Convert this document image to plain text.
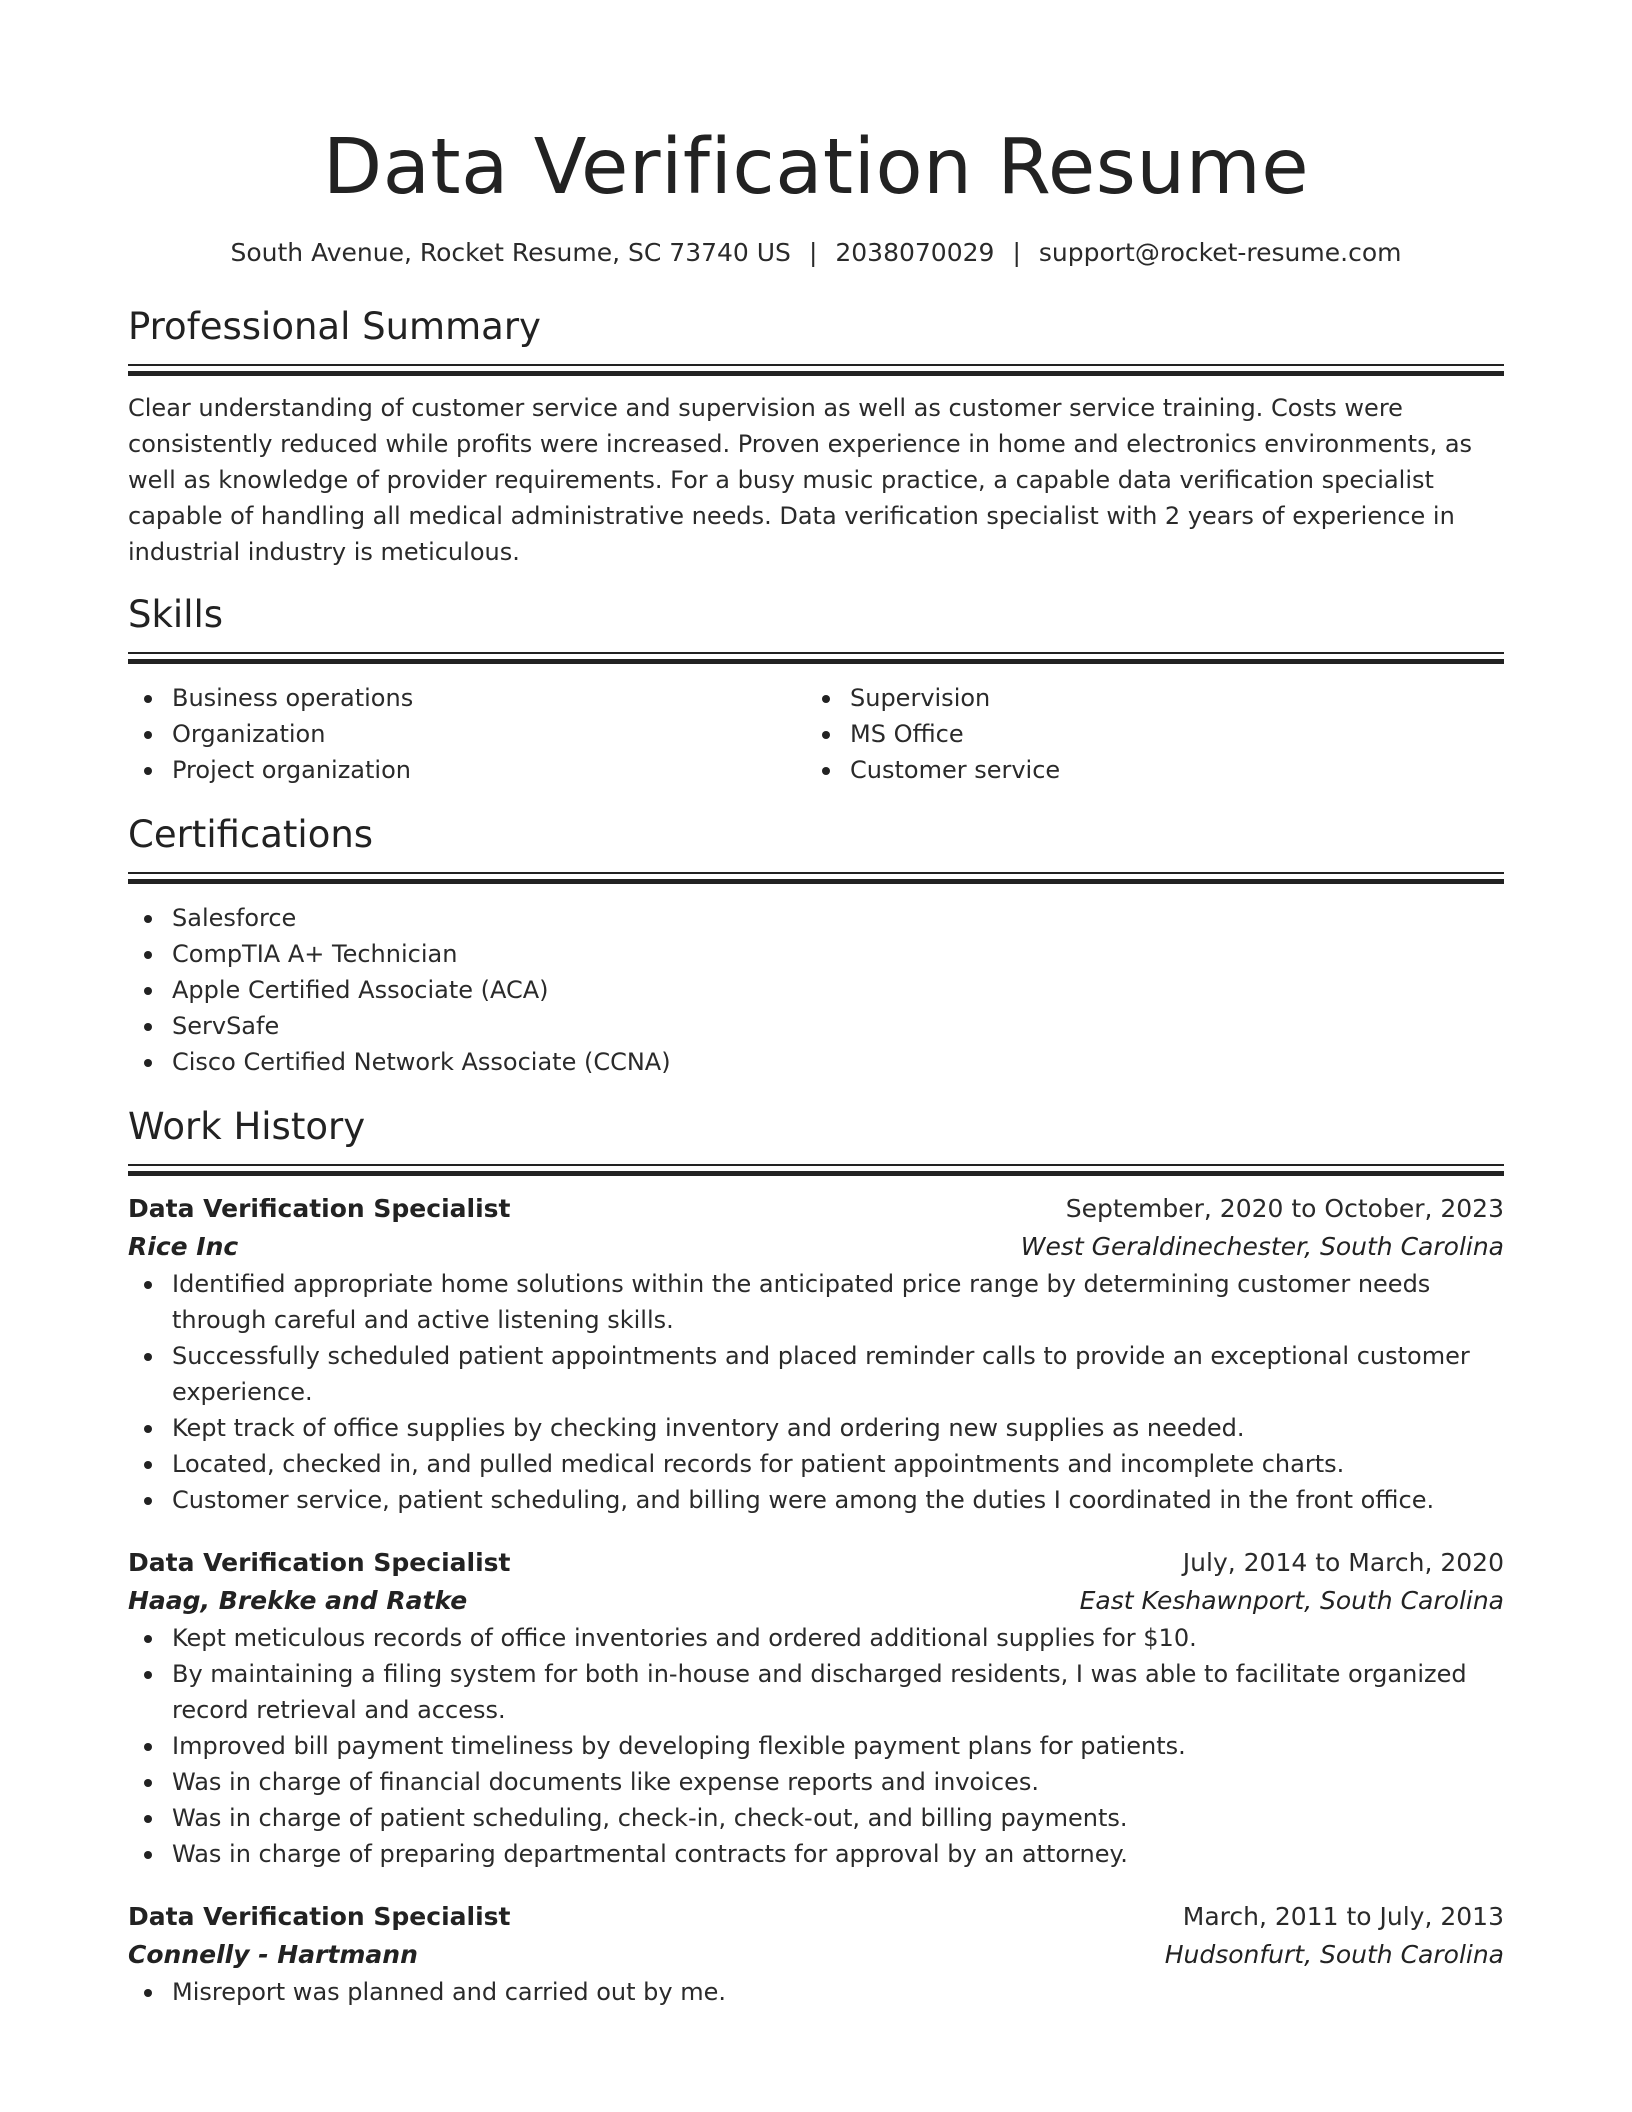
Data Verification Resume
South Avenue, Rocket Resume, SC 73740 US | 2038070029 | support@rocket-resume.com
Professional Summary
Clear understanding of customer service and supervision as well as customer service training. Costs were consistently reduced while profits were increased. Proven experience in home and electronics environments, as well as knowledge of provider requirements. For a busy music practice, a capable data verification specialist capable of handling all medical administrative needs. Data verification specialist with 2 years of experience in industrial industry is meticulous.
Skills
Business operations
Organization
Project organization
Supervision
MS Office
Customer service
Certifications
Salesforce
CompTIA A+ Technician
Apple Certified Associate (ACA)
ServSafe
Cisco Certified Network Associate (CCNA)
Work History
Data Verification Specialist	September, 2020 to October, 2023
Rice Inc	West Geraldinechester, South Carolina
Identified appropriate home solutions within the anticipated price range by determining customer needs through careful and active listening skills.
Successfully scheduled patient appointments and placed reminder calls to provide an exceptional customer experience.
Kept track of office supplies by checking inventory and ordering new supplies as needed.
Located, checked in, and pulled medical records for patient appointments and incomplete charts.
Customer service, patient scheduling, and billing were among the duties I coordinated in the front office.
Data Verification Specialist	July, 2014 to March, 2020
Haag, Brekke and Ratke	East Keshawnport, South Carolina
Kept meticulous records of office inventories and ordered additional supplies for $10.
By maintaining a filing system for both in-house and discharged residents, I was able to facilitate organized record retrieval and access.
Improved bill payment timeliness by developing flexible payment plans for patients.
Was in charge of financial documents like expense reports and invoices.
Was in charge of patient scheduling, check-in, check-out, and billing payments.
Was in charge of preparing departmental contracts for approval by an attorney.
Data Verification Specialist	March, 2011 to July, 2013
Connelly - Hartmann	Hudsonfurt, South Carolina
Misreport was planned and carried out by me.
